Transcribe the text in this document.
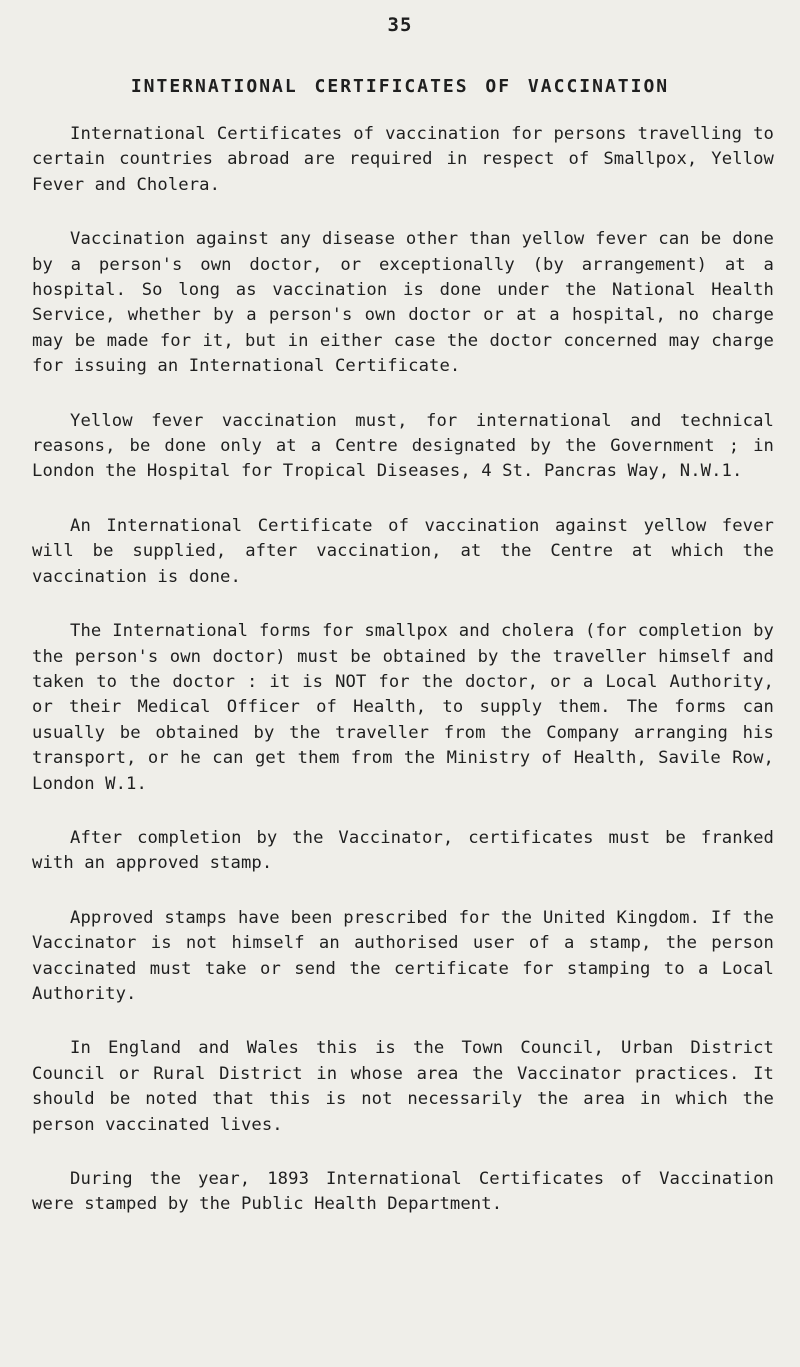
35
INTERNATIONAL CERTIFICATES OF VACCINATION

International Certificates of vaccination for persons travelling to certain countries abroad are required in respect of Smallpox, Yellow Fever and Cholera.

Vaccination against any disease other than yellow fever can be done by a person's own doctor, or exceptionally (by arrangement) at a hospital. So long as vaccination is done under the National Health Service, whether by a person's own doctor or at a hospital, no charge may be made for it, but in either case the doctor concerned may charge for issuing an International Certificate.

Yellow fever vaccination must, for international and technical reasons, be done only at a Centre designated by the Government ; in London the Hospital for Tropical Diseases, 4 St. Pancras Way, N.W.1.

An International Certificate of vaccination against yellow fever will be supplied, after vaccination, at the Centre at which the vaccination is done.

The International forms for smallpox and cholera (for completion by the person's own doctor) must be obtained by the traveller himself and taken to the doctor : it is NOT for the doctor, or a Local Authority, or their Medical Officer of Health, to supply them. The forms can usually be obtained by the traveller from the Company arranging his transport, or he can get them from the Ministry of Health, Savile Row, London W.1.

After completion by the Vaccinator, certificates must be franked with an approved stamp.

Approved stamps have been prescribed for the United Kingdom. If the Vaccinator is not himself an authorised user of a stamp, the person vaccinated must take or send the certificate for stamping to a Local Authority.

In England and Wales this is the Town Council, Urban District Council or Rural District in whose area the Vaccinator practices. It should be noted that this is not necessarily the area in which the person vaccinated lives.

During the year, 1893 International Certificates of Vaccination were stamped by the Public Health Department.
